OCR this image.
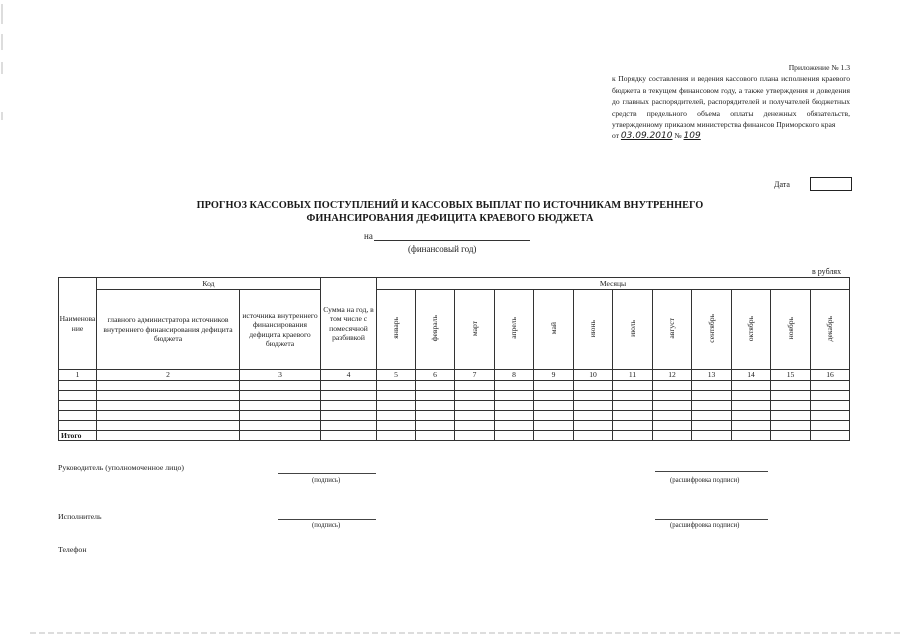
Приложение № 1.3
к Порядку составления и ведения кассового плана исполнения краевого бюджета в текущем финансовом году, а также утверждения и доведения до главных распорядителей, распорядителей и получателей бюджетных средств предельного объема оплаты денежных обязательств, утвержденному приказом министерства финансов Приморского края
от 03.09.2010 № 109
Дата
ПРОГНОЗ КАССОВЫХ ПОСТУПЛЕНИЙ И КАССОВЫХ ВЫПЛАТ ПО ИСТОЧНИКАМ ВНУТРЕННЕГО
ФИНАНСИРОВАНИЯ ДЕФИЦИТА КРАЕВОГО БЮДЖЕТА
на
(финансовый год)
в рублях
Наименование	Код		Сумма на год, в том числе с помесячной разбивкой	Месяцы											
	главного администратора источников внутреннего финансирования дефицита бюджета	источника внутреннего финансирования дефицита краевого бюджета		январь	февраль	март	апрель	май	июнь	июль	август	сентябрь	октябрь	ноябрь	декабрь
1	2	3	4	5	6	7	8	9	10	11	12	13	14	15	16

Итого															
Руководитель (уполномоченное лицо)
(подпись)	(расшифровка подписи)
Исполнитель
(подпись)	(расшифровка подписи)
Телефон
